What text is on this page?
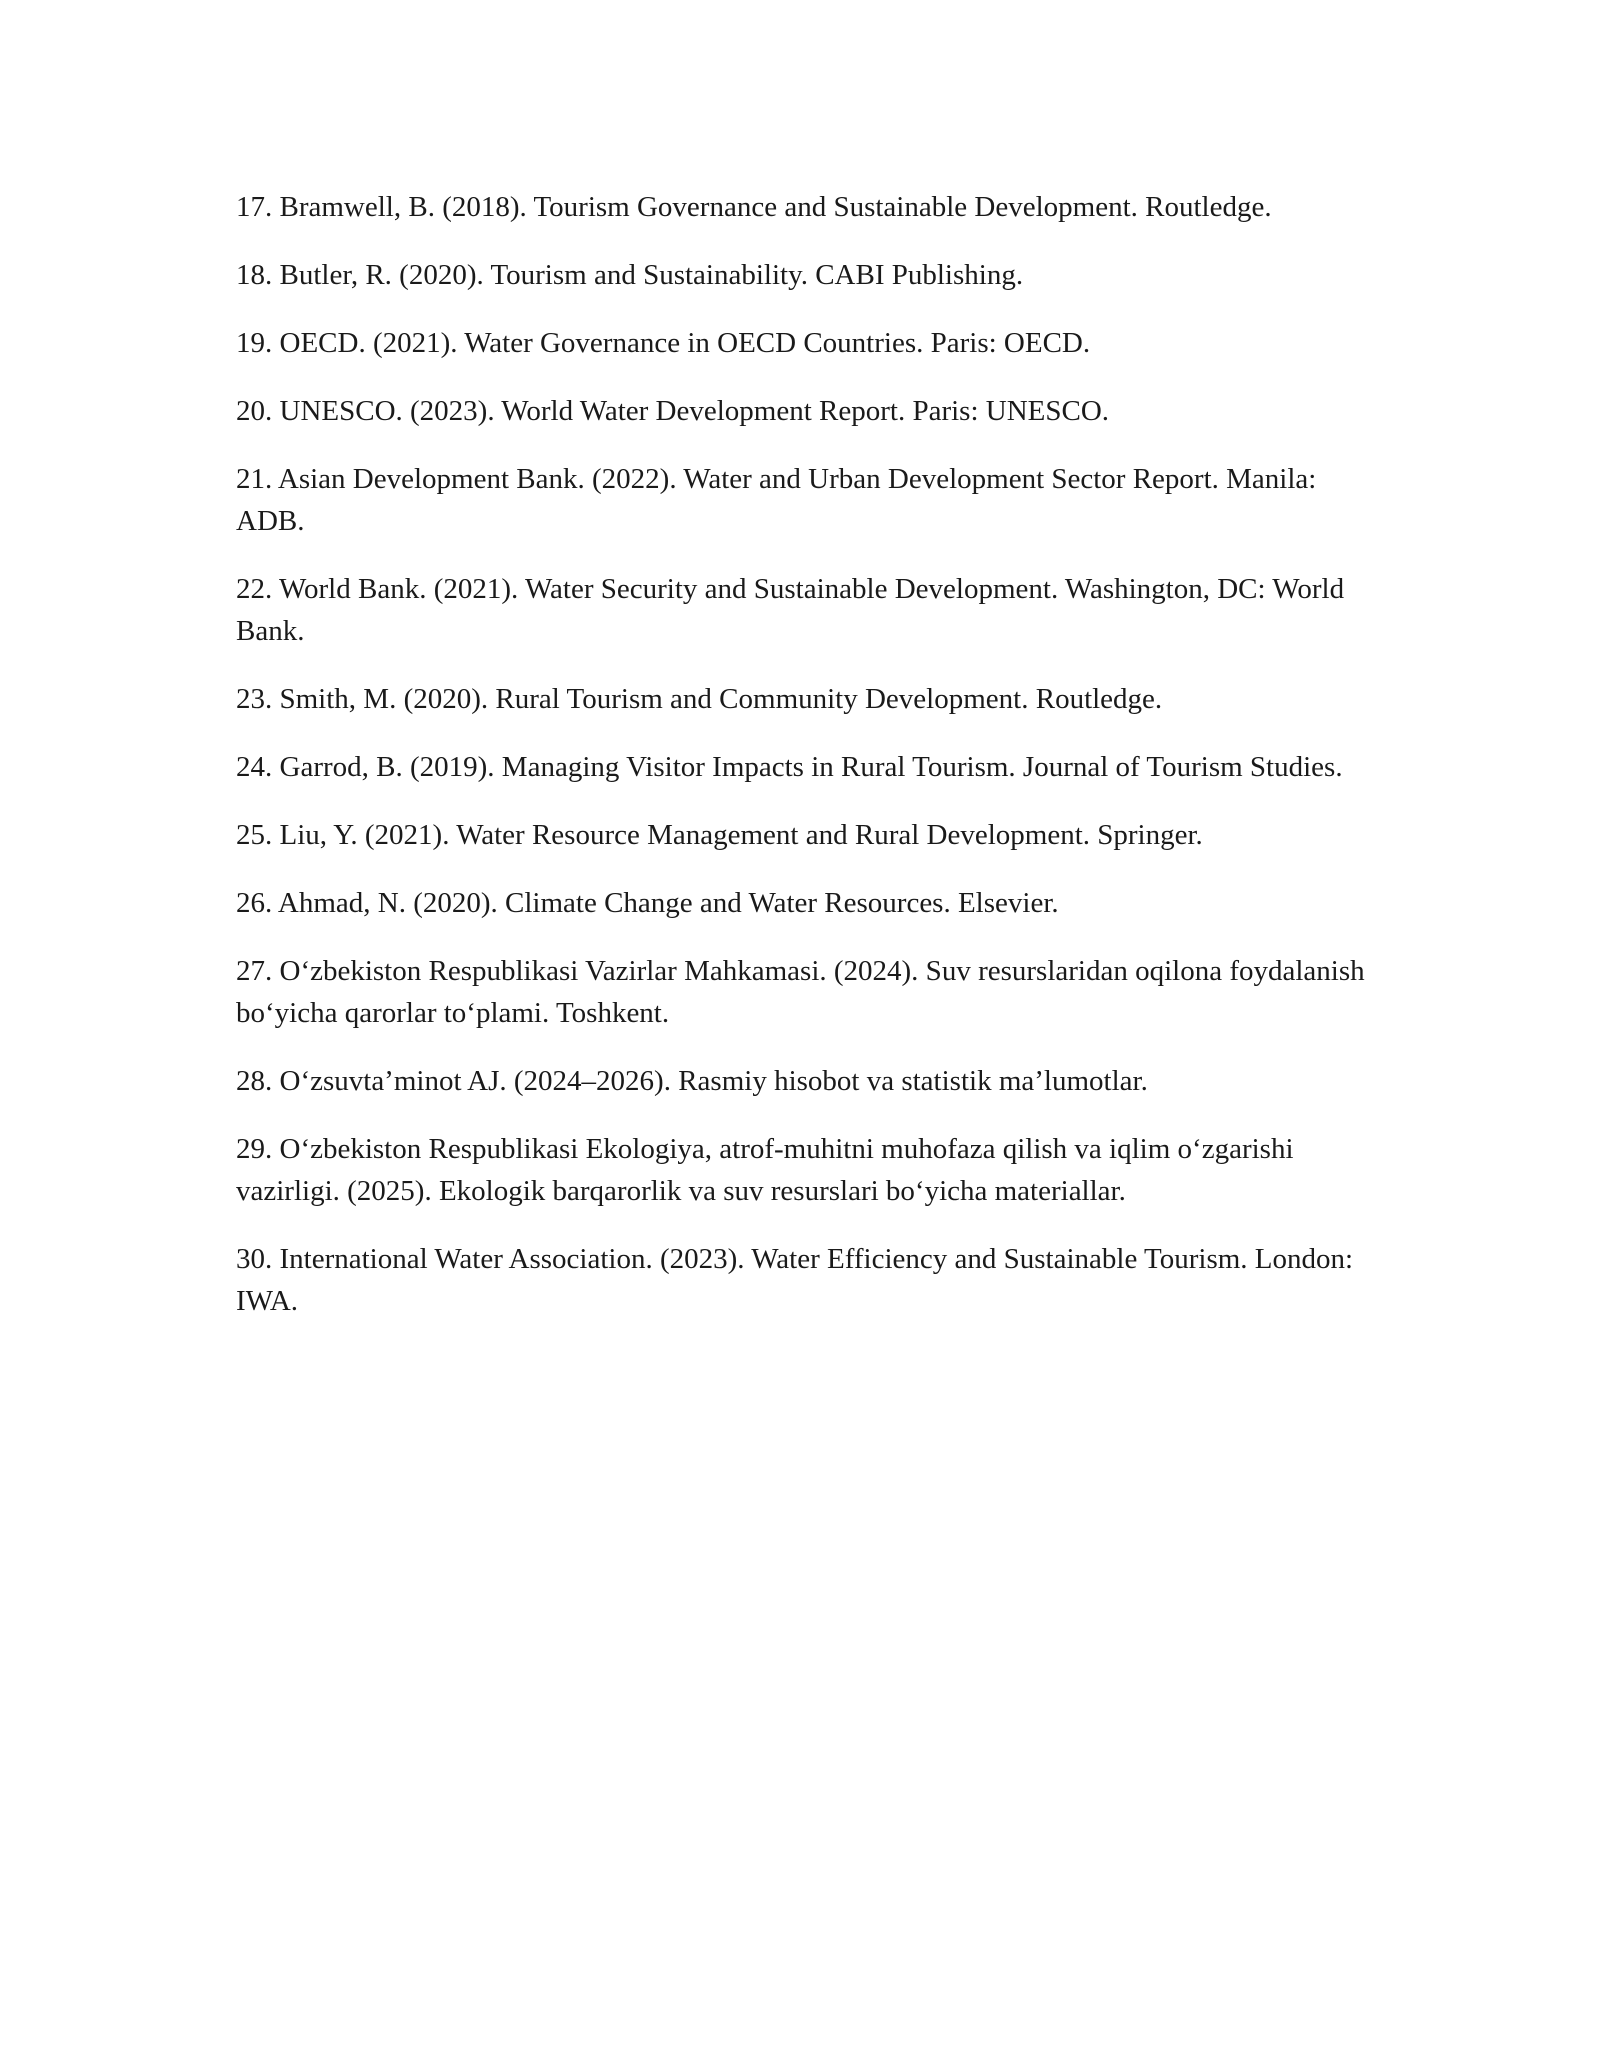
17. Bramwell, B. (2018). Tourism Governance and Sustainable Development. Routledge.
18. Butler, R. (2020). Tourism and Sustainability. CABI Publishing.
19. OECD. (2021). Water Governance in OECD Countries. Paris: OECD.
20. UNESCO. (2023). World Water Development Report. Paris: UNESCO.
21. Asian Development Bank. (2022). Water and Urban Development Sector Report. Manila: ADB.
22. World Bank. (2021). Water Security and Sustainable Development. Washington, DC: World Bank.
23. Smith, M. (2020). Rural Tourism and Community Development. Routledge.
24. Garrod, B. (2019). Managing Visitor Impacts in Rural Tourism. Journal of Tourism Studies.
25. Liu, Y. (2021). Water Resource Management and Rural Development. Springer.
26. Ahmad, N. (2020). Climate Change and Water Resources. Elsevier.
27. O‘zbekiston Respublikasi Vazirlar Mahkamasi. (2024). Suv resurslaridan oqilona foydalanish bo‘yicha qarorlar to‘plami. Toshkent.
28. O‘zsuvta’minot AJ. (2024–2026). Rasmiy hisobot va statistik ma’lumotlar.
29. O‘zbekiston Respublikasi Ekologiya, atrof-muhitni muhofaza qilish va iqlim o‘zgarishi vazirligi. (2025). Ekologik barqarorlik va suv resurslari bo‘yicha materiallar.
30. International Water Association. (2023). Water Efficiency and Sustainable Tourism. London: IWA.
